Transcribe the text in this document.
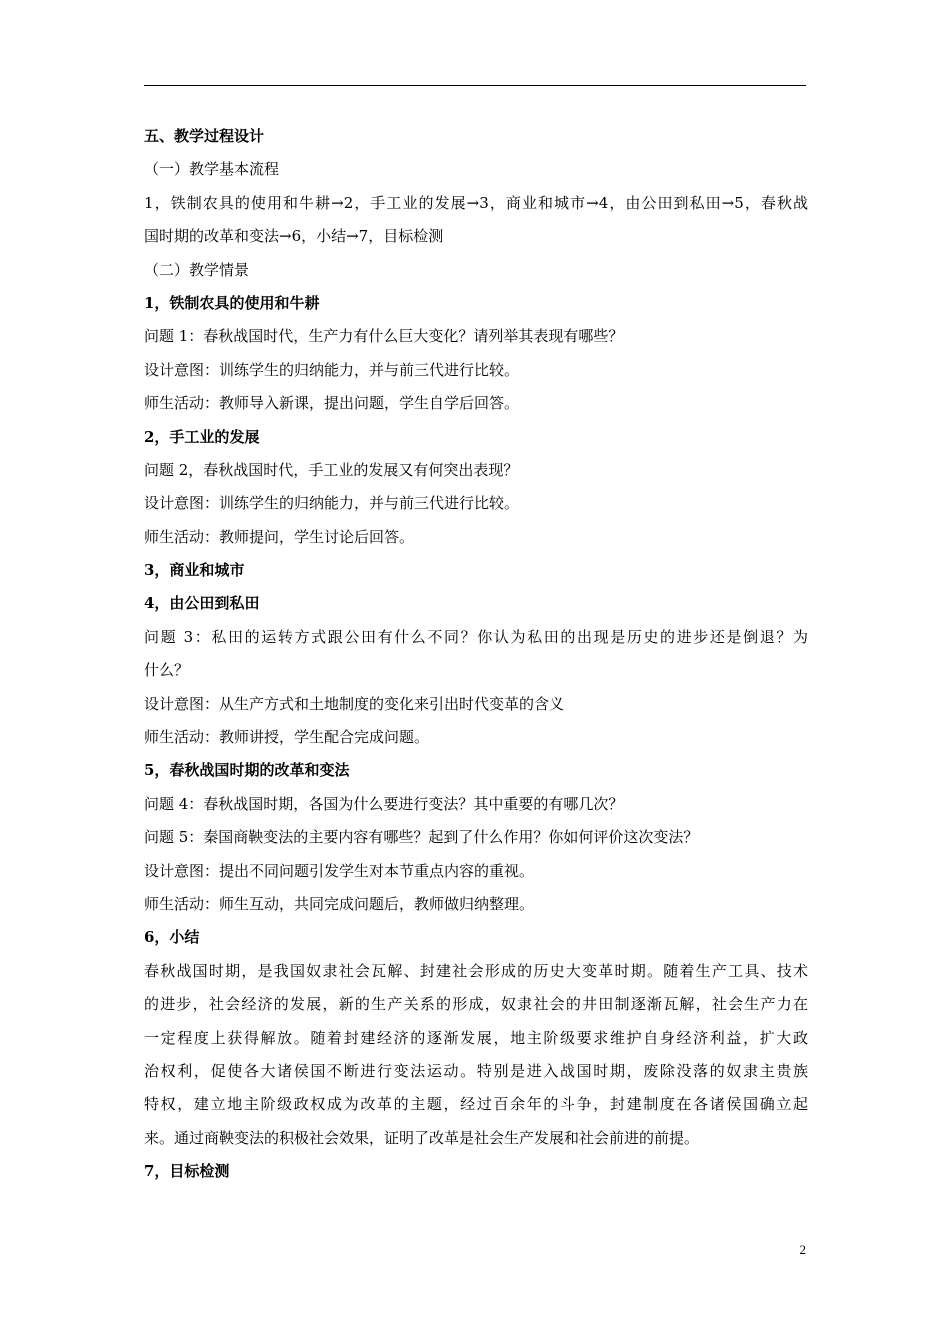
五、教学过程设计
（一）教学基本流程
1，铁制农具的使用和牛耕→2，手工业的发展→3，商业和城市→4，由公田到私田→5，春秋战
国时期的改革和变法→6，小结→7，目标检测
（二）教学情景
1，铁制农具的使用和牛耕
问题 1：春秋战国时代，生产力有什么巨大变化？请列举其表现有哪些？
设计意图：训练学生的归纳能力，并与前三代进行比较。
师生活动：教师导入新课，提出问题，学生自学后回答。
2，手工业的发展
问题 2，春秋战国时代，手工业的发展又有何突出表现？
设计意图：训练学生的归纳能力，并与前三代进行比较。
师生活动：教师提问，学生讨论后回答。
3，商业和城市
4，由公田到私田
问题 3：私田的运转方式跟公田有什么不同？你认为私田的出现是历史的进步还是倒退？为
什么？
设计意图：从生产方式和土地制度的变化来引出时代变革的含义
师生活动：教师讲授，学生配合完成问题。
5，春秋战国时期的改革和变法
问题 4：春秋战国时期，各国为什么要进行变法？其中重要的有哪几次？
问题 5：秦国商鞅变法的主要内容有哪些？起到了什么作用？你如何评价这次变法？
设计意图：提出不同问题引发学生对本节重点内容的重视。
师生活动：师生互动，共同完成问题后，教师做归纳整理。
6，小结
春秋战国时期，是我国奴隶社会瓦解、封建社会形成的历史大变革时期。随着生产工具、技术
的进步，社会经济的发展，新的生产关系的形成，奴隶社会的井田制逐渐瓦解，社会生产力在
一定程度上获得解放。随着封建经济的逐渐发展，地主阶级要求维护自身经济利益，扩大政
治权利，促使各大诸侯国不断进行变法运动。特别是进入战国时期，废除没落的奴隶主贵族
特权，建立地主阶级政权成为改革的主题，经过百余年的斗争，封建制度在各诸侯国确立起
来。通过商鞅变法的积极社会效果，证明了改革是社会生产发展和社会前进的前提。
7，目标检测
2
